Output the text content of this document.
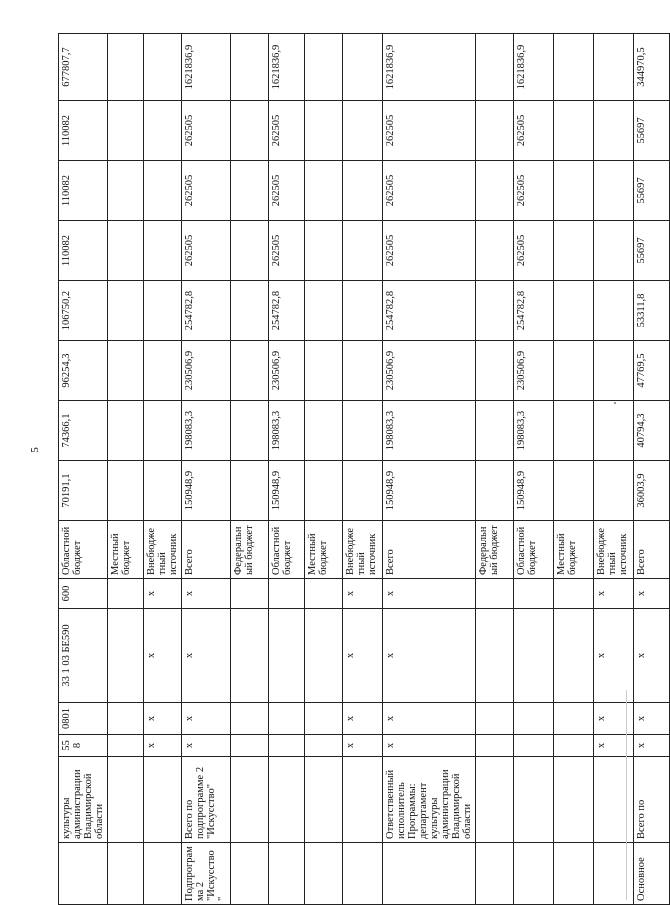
5
	культуры администрации Владимирской области	558	0801	33 1 03 БЕ590	600	Областной бюджет	70191,1	74366,1	96254,3	106750,2	110082	110082	110082	677807,7
						Местный бюджет								
		x	x	x	x	Внебюджетный источник								
Подпрограмма 2 "Искусство"	Всего по подпрограмме 2 "Искусство"	x	x	x	x	Всего	150948,9	198083,3	230506,9	254782,8	262505	262505	262505	1621836,9
						Федеральный бюджет								
						Областной бюджет	150948,9	198083,3	230506,9	254782,8	262505	262505	262505	1621836,9
						Местный бюджет								
		x	x	x	x	Внебюджетный источник								
	Ответственный исполнитель Программы: департамент культуры администрации Владимирской области	x	x	x	x	Всего	150948,9	198083,3	230506,9	254782,8	262505	262505	262505	1621836,9
						Федеральный бюджет								
						Областной бюджет	150948,9	198083,3	230506,9	254782,8	262505	262505	262505	1621836,9
						Местный бюджет								
		x	x	x	x	Внебюджетный источник								
Основное	Всего по	x	x	x	x	Всего	36003,9	40794,3	47769,5	53311,8	55697	55697	55697	344970,5
